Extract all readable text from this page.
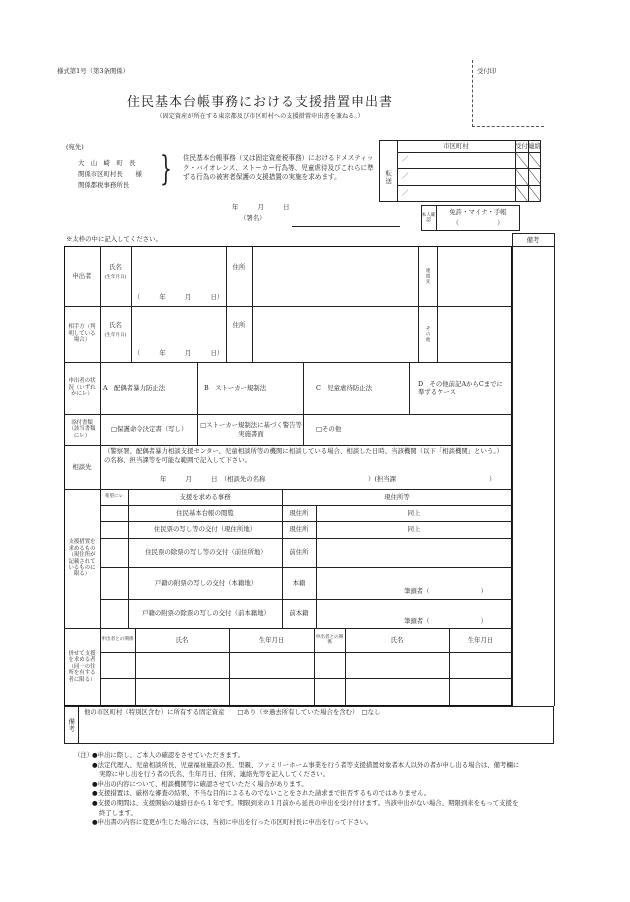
様式第1号（第3条関係）	受付印
住民基本台帳事務における支援措置申出書
（固定資産が所在する東京都及び市区町村への支援措置申出書を兼ねる。）
(宛先)
大　山　崎　町　長
関係市区町村長　　様
関係都税事務所長 } 住民基本台帳事務（又は固定資産税事務）におけるドメスティック・バイオレンス、ストーカー行為等、児童虐待及びこれらに準ずる行為の被害者保護の支援措置の実施を求めます。
年　　　月　　　日
（署名）
転送
市区町村	受付 連絡
／
／
／
本人確認
免許・マイナ・手帳
（　　　　　　）
※太枠の中に記入してください。	備考
申出者
氏名
(生年月日)
（　　　年　　　月　　　日）
住所
連絡先
相手方（判明している場合）
氏名
(生年月日)
（　　　年　　　月　　　日）
住所
その他
申出者の状況（いずれかにレ）
A　配偶者暴力防止法	B　ストーカー規制法	C　児童虐待防止法
D　その他前記AからCまでに準ずるケース
添付書類（該当書類にレ）
□保護命令決定書（写し）
□ストーカー規制法に基づく警告等実施書面
□その他
相談先
（警察署、配偶者暴力相談支援センター、児童相談所等の機関に相談している場合、相談した日時、当該機関（以下「相談機関」という。）の名称、担当課等を可能な範囲で記入して下さい。
年　　　月　　　日　（相談先の名称	）(担当課	）
支援措置を求めるもの（現住所が記載されているものに限る）
希望にレ	支援を求める事務	現住所等
住民基本台帳の閲覧	現住所	同上
住民票の写し等の交付（現住所地）	現住所	同上
住民票の除票の写し等の交付（前住所地）	前住所
戸籍の附票の写しの交付（本籍地）	本籍
筆頭者（　　　　　　　　）
戸籍の附票の除票の写しの交付（前本籍地）	前本籍
筆頭者（　　　　　　　　）
併せて支援を求める者（同一の住所を有する者に限る）
申出者との関係	氏名	生年月日	申出者との関係	氏名	生年月日
備考
他の市区町村（特別区含む）に所有する固定資産　　□あり（※過去所有していた場合を含む）　□なし
（注）
●申出に際し、ご本人の確認をさせていただきます。
●法定代理人、児童相談所長、児童福祉施設の長、里親、ファミリーホーム事業を行う者等支援措置対象者本人以外の者が申し出る場合は、備考欄に実際に申し出を行う者の氏名、生年月日、住所、連絡先等を記入してください。
●申出の内容について、相談機関等に確認させていただく場合があります。
●支援措置は、厳格な審査の結果、不当な目的によるものでないことをされた請求まで拒否するものではありません。
●支援の期間は、支援開始の連絡日から１年です。期限到来の１月前から延長の申出を受け付けます。当該申出がない場合、期限到来をもって支援を終了します。
●申出書の内容に変更が生じた場合には、当初に申出を行った市区町村長に申出を行って下さい。
